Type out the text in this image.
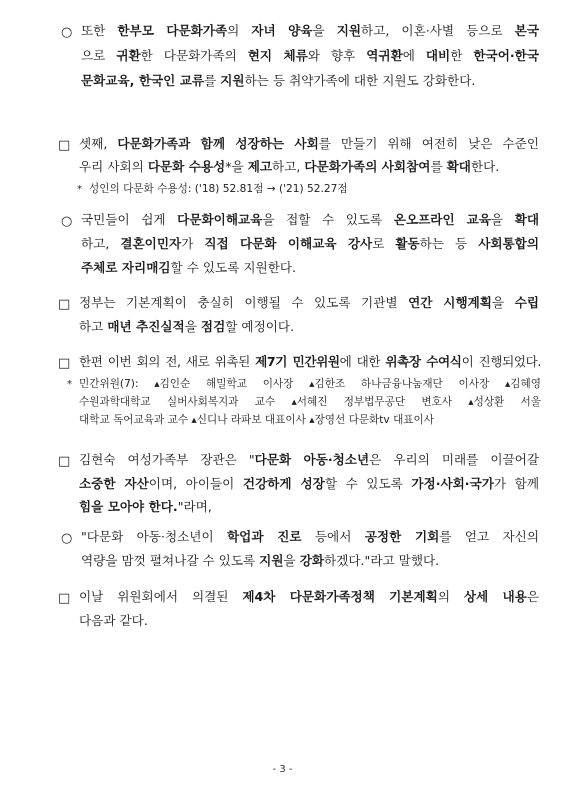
○ 또한 한부모 다문화가족의 자녀 양육을 지원하고, 이혼·사별 등으로 본국
으로 귀환한 다문화가족의 현지 체류와 향후 역귀환에 대비한 한국어·한국
문화교육, 한국인 교류를 지원하는 등 취약가족에 대한 지원도 강화한다.
□ 셋째, 다문화가족과 함께 성장하는 사회를 만들기 위해 여전히 낮은 수준인
우리 사회의 다문화 수용성*을 제고하고, 다문화가족의 사회참여를 확대한다.
* 성인의 다문화 수용성: ('18) 52.81점 → ('21) 52.27점
○ 국민들이 쉽게 다문화이해교육을 접할 수 있도록 온오프라인 교육을 확대
하고, 결혼이민자가 직접 다문화 이해교육 강사로 활동하는 등 사회통합의
주체로 자리매김할 수 있도록 지원한다.
□ 정부는 기본계획이 충실히 이행될 수 있도록 기관별 연간 시행계획을 수립
하고 매년 추진실적을 점검할 예정이다.
□ 한편 이번 회의 전, 새로 위촉된 제7기 민간위원에 대한 위촉장 수여식이 진행되었다.
* 민간위원(7): ▴김인순 해밀학교 이사장 ▴김한조 하나금융나눔재단 이사장 ▴김혜영
수원과학대학교 실버사회복지과 교수 ▴서혜진 정부법무공단 변호사 ▴성상환 서울
대학교 독어교육과 교수 ▴신디나 라파보 대표이사 ▴장영선 다문화tv 대표이사
□ 김현숙 여성가족부 장관은 "다문화 아동·청소년은 우리의 미래를 이끌어갈
소중한 자산이며, 아이들이 건강하게 성장할 수 있도록 가정·사회·국가가 함께
힘을 모아야 한다."라며,
○ "다문화 아동·청소년이 학업과 진로 등에서 공정한 기회를 얻고 자신의
역량을 맘껏 펼쳐나갈 수 있도록 지원을 강화하겠다."라고 말했다.
□ 이날 위원회에서 의결된 제4차 다문화가족정책 기본계획의 상세 내용은
다음과 같다.
- 3 -
